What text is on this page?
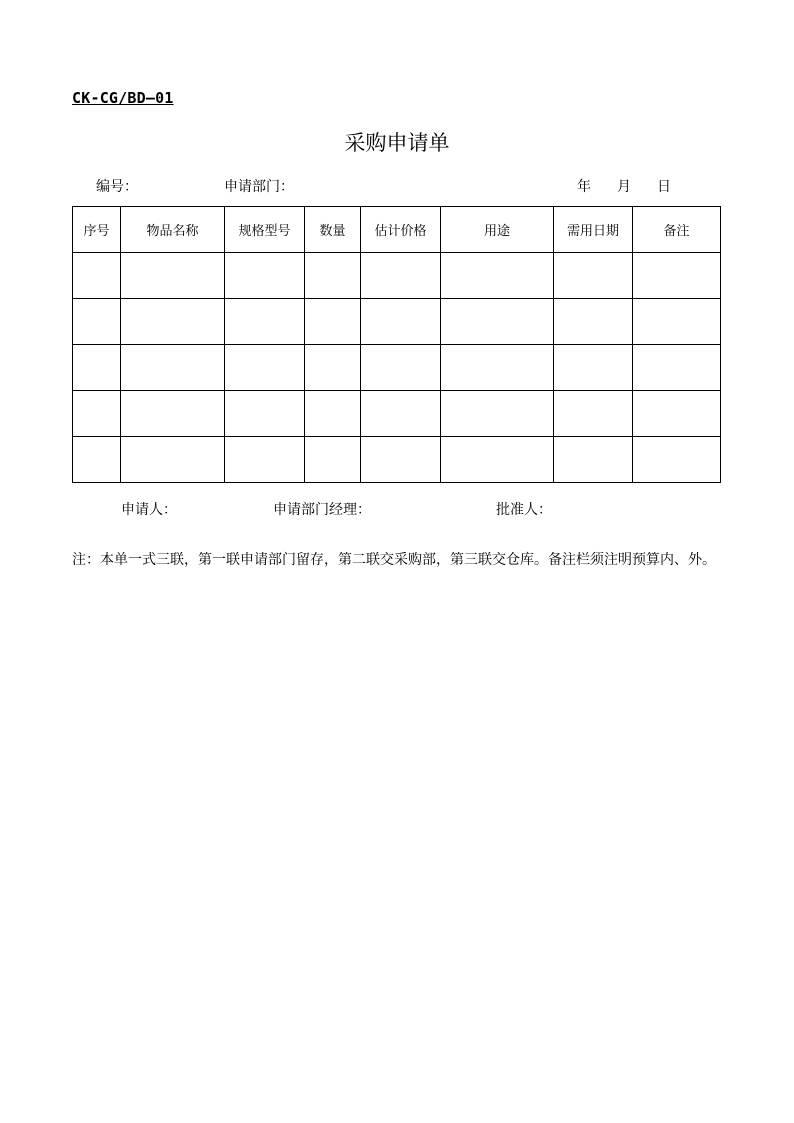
CK-CG/BD—01
采购申请单
编号：	申请部门：	年 月 日
序号	物品名称	规格型号	数量	估计价格	用途	需用日期	备注

申请人：	申请部门经理：	批准人：
注：本单一式三联，第一联申请部门留存，第二联交采购部，第三联交仓库。备注栏须注明预算内、外。
